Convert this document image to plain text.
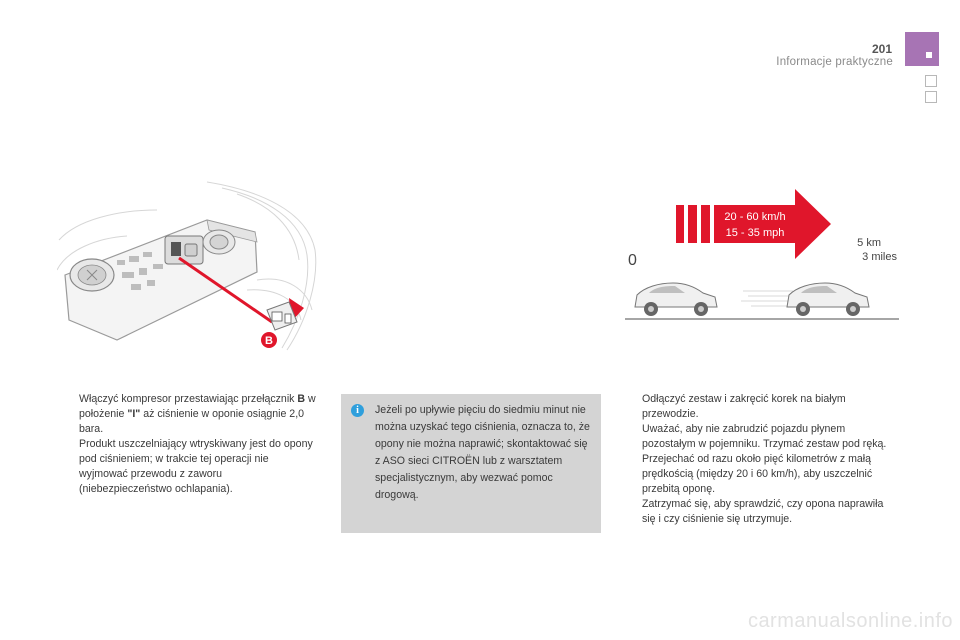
201
Informacje praktyczne
B
20 - 60 km/h
15 - 35 mph
0
5 km
3 miles
Włączyć kompresor przestawiając przełącznik B w położenie "I" aż ciśnienie w oponie osiągnie 2,0 bara.
Produkt uszczelniający wtryskiwany jest do opony pod ciśnieniem; w trakcie tej operacji nie wyjmować przewodu z zaworu (niebezpieczeństwo ochlapania).
i	Jeżeli po upływie pięciu do siedmiu minut nie można uzyskać tego ciśnienia, oznacza to, że opony nie można naprawić; skontaktować się z ASO sieci CITROËN lub z warsztatem specjalistycznym, aby wezwać pomoc drogową.
Odłączyć zestaw i zakręcić korek na białym przewodzie.
Uważać, aby nie zabrudzić pojazdu płynem pozostałym w pojemniku. Trzymać zestaw pod ręką.
Przejechać od razu około pięć kilometrów z małą prędkością (między 20 i 60 km/h), aby uszczelnić przebitą oponę.
Zatrzymać się, aby sprawdzić, czy opona naprawiła się i czy ciśnienie się utrzymuje.
carmanualsonline.info
